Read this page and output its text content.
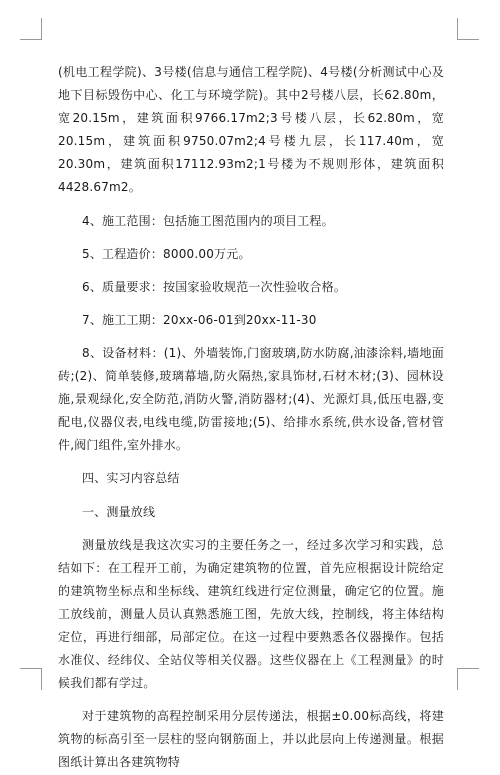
(机电工程学院)、3号楼(信息与通信工程学院)、4号楼(分析测试中心及地下目标毁伤中心、化工与环境学院)。其中2号楼八层，长62.80m，宽20.15m，建筑面积9766.17m2;3号楼八层，长62.80m，宽20.15m，建筑面积9750.07m2;4号楼九层，长117.40m，宽20.30m，建筑面积17112.93m2;1号楼为不规则形体，建筑面积4428.67m2。

4、施工范围：包括施工图范围内的项目工程。

5、工程造价：8000.00万元。

6、质量要求：按国家验收规范一次性验收合格。

7、施工工期：20xx-06-01到20xx-11-30

8、设备材料：(1)、外墙装饰,门窗玻璃,防水防腐,油漆涂料,墙地面砖;(2)、简单装修,玻璃幕墙,防火隔热,家具饰材,石材木材;(3)、园林设施,景观绿化,安全防范,消防火警,消防器材;(4)、光源灯具,低压电器,变配电,仪器仪表,电线电缆,防雷接地;(5)、给排水系统,供水设备,管材管件,阀门组件,室外排水。

四、实习内容总结

一、测量放线

测量放线是我这次实习的主要任务之一，经过多次学习和实践，总结如下：在工程开工前，为确定建筑物的位置，首先应根据设计院给定的建筑物坐标点和坐标线、建筑红线进行定位测量，确定它的位置。施工放线前，测量人员认真熟悉施工图，先放大线，控制线，将主体结构定位，再进行细部，局部定位。在这一过程中要熟悉各仪器操作。包括水准仪、经纬仪、全站仪等相关仪器。这些仪器在上《工程测量》的时候我们都有学过。

对于建筑物的高程控制采用分层传递法，根据±0.00标高线，将建筑物的标高引至一层柱的竖向钢筋面上，并以此层向上传递测量。根据图纸计算出各建筑物特
